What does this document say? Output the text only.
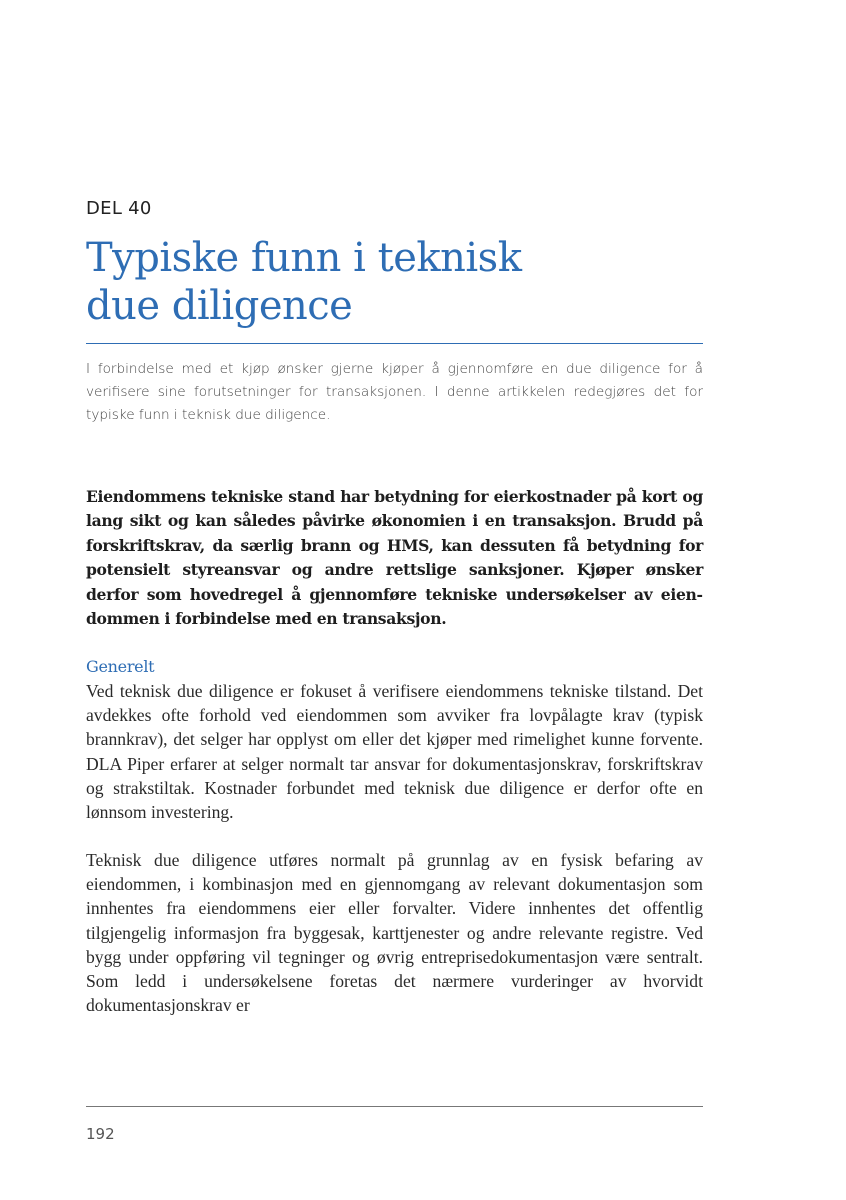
DEL 40
Typiske funn i teknisk
due diligence

I forbindelse med et kjøp ønsker gjerne kjøper å gjennomføre en due diligence for å verifisere sine forutsetninger for transaksjonen. I denne artikkelen redegjøres det for typiske funn i teknisk due diligence.

Eiendommens tekniske stand har betydning for eierkostnader på kort og lang sikt og kan således påvirke økonomien i en transaksjon. Brudd på forskriftskrav, da særlig brann og HMS, kan dessuten få betydning for potensielt styreansvar og andre rettslige sanksjoner. Kjøper ønsker derfor som hovedregel å gjennomføre tekniske undersøkelser av eiendommen i forbindelse med en transaksjon.

Generelt

Ved teknisk due diligence er fokuset å verifisere eiendommens tekniske tilstand. Det avdekkes ofte forhold ved eiendommen som avviker fra lovpålagte krav (typisk brannkrav), det selger har opplyst om eller det kjøper med rimelighet kunne forvente. DLA Piper erfarer at selger normalt tar ansvar for dokumentasjonskrav, forskriftskrav og strakstiltak. Kostnader forbundet med teknisk due diligence er derfor ofte en lønnsom investering.

Teknisk due diligence utføres normalt på grunnlag av en fysisk befaring av eiendommen, i kombinasjon med en gjennomgang av relevant dokumentasjon som innhentes fra eiendommens eier eller forvalter. Videre innhentes det offentlig tilgjengelig informasjon fra byggesak, karttjenester og andre relevante registre. Ved bygg under oppføring vil tegninger og øvrig entreprisedokumentasjon være sentralt. Som ledd i undersøkelsene foretas det nærmere vurderinger av hvorvidt dokumentasjonskrav er

192
